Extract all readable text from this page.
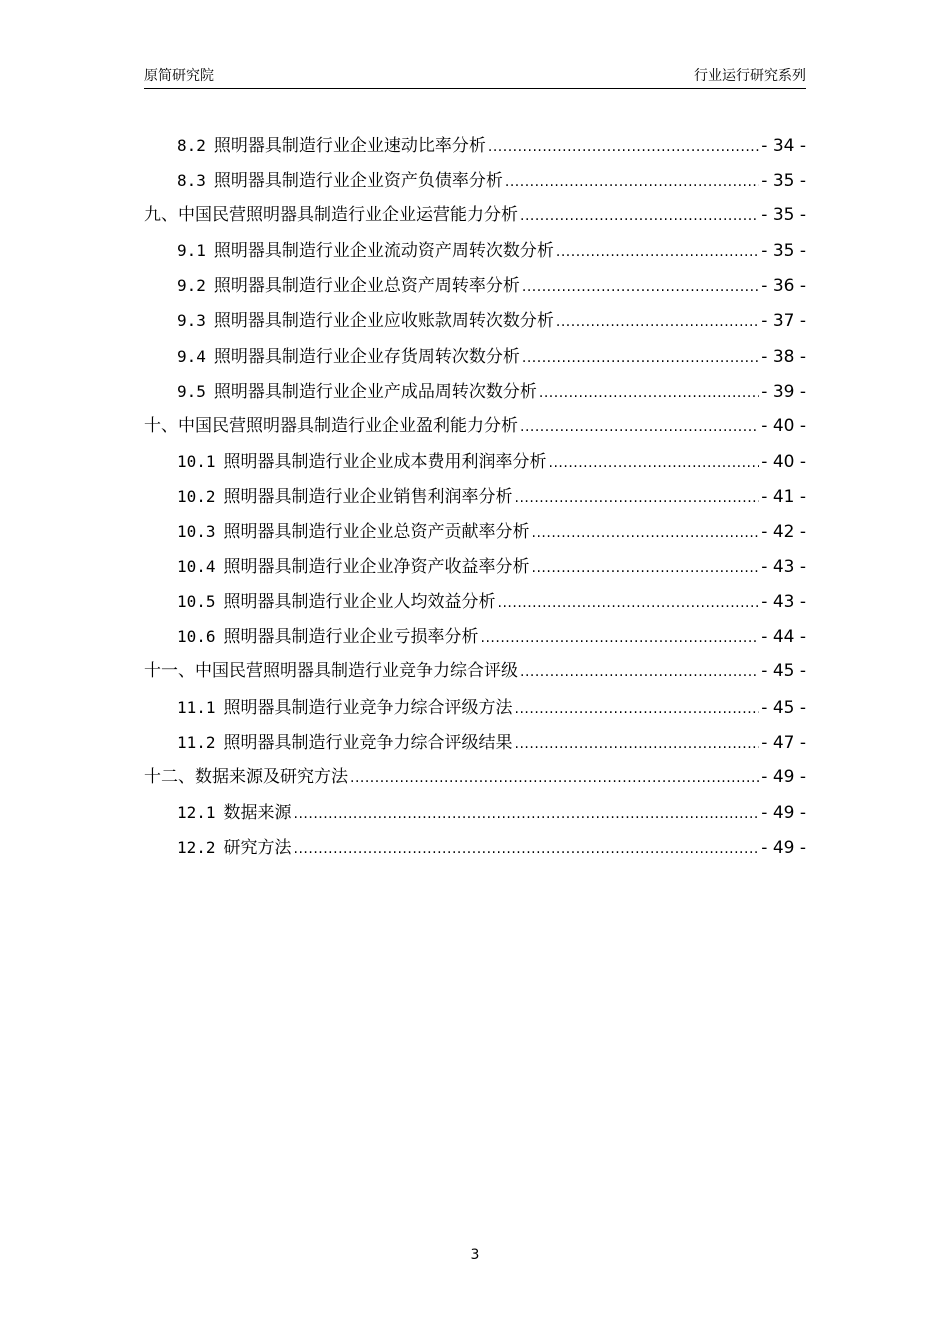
原简研究院	行业运行研究系列
8.2 照明器具制造行业企业速动比率分析 .....	- 34 -
8.3 照明器具制造行业企业资产负债率分析 .....	- 35 -
九、中国民营照明器具制造行业企业运营能力分析 .....	- 35 -
9.1 照明器具制造行业企业流动资产周转次数分析 .....	- 35 -
9.2 照明器具制造行业企业总资产周转率分析 .....	- 36 -
9.3 照明器具制造行业企业应收账款周转次数分析 .....	- 37 -
9.4 照明器具制造行业企业存货周转次数分析 .....	- 38 -
9.5 照明器具制造行业企业产成品周转次数分析 .....	- 39 -
十、中国民营照明器具制造行业企业盈利能力分析 .....	- 40 -
10.1 照明器具制造行业企业成本费用利润率分析 .....	- 40 -
10.2 照明器具制造行业企业销售利润率分析 .....	- 41 -
10.3 照明器具制造行业企业总资产贡献率分析 .....	- 42 -
10.4 照明器具制造行业企业净资产收益率分析 .....	- 43 -
10.5 照明器具制造行业企业人均效益分析 .....	- 43 -
10.6 照明器具制造行业企业亏损率分析 .....	- 44 -
十一、中国民营照明器具制造行业竞争力综合评级 .....	- 45 -
11.1 照明器具制造行业竞争力综合评级方法 .....	- 45 -
11.2 照明器具制造行业竞争力综合评级结果 .....	- 47 -
十二、数据来源及研究方法 .....	- 49 -
12.1 数据来源 .....	- 49 -
12.2 研究方法 .....	- 49 -
3
